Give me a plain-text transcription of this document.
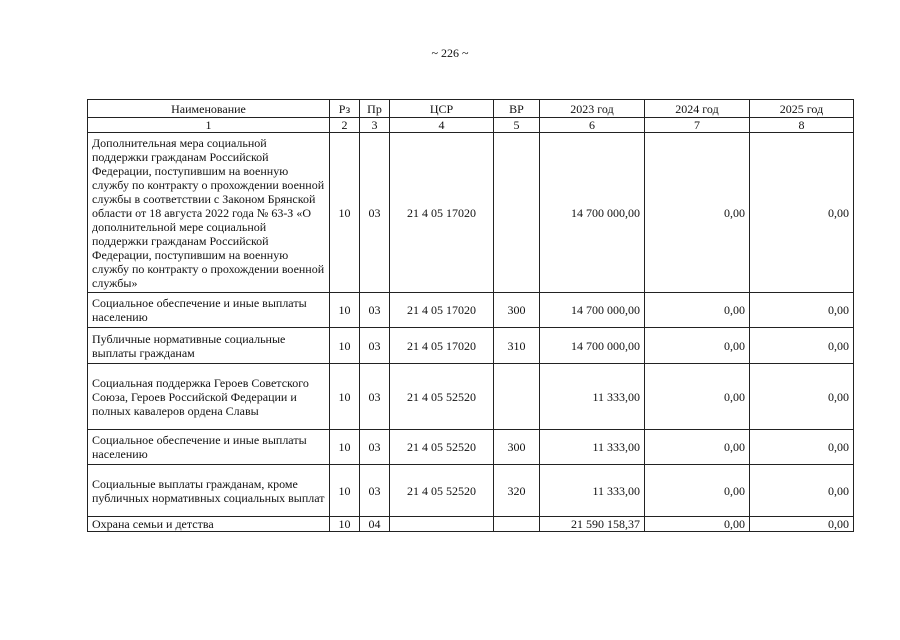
~ 226 ~
Наименование	Рз	Пр	ЦСР	ВР	2023 год	2024 год	2025 год
1	2	3	4	5	6	7	8
Дополнительная мера социальной поддержки гражданам Российской Федерации, поступившим на военную службу по контракту о прохождении военной службы в соответствии с Законом Брянской области от 18 августа 2022 года № 63-З «О дополнительной мере социальной поддержки гражданам Российской Федерации, поступившим на военную службу по контракту о прохождении военной службы»	10	03	21 4 05 17020		14 700 000,00	0,00	0,00
Социальное обеспечение и иные выплаты населению	10	03	21 4 05 17020	300	14 700 000,00	0,00	0,00
Публичные нормативные социальные выплаты гражданам	10	03	21 4 05 17020	310	14 700 000,00	0,00	0,00
Социальная поддержка Героев Советского Союза, Героев Российской Федерации и полных кавалеров ордена Славы	10	03	21 4 05 52520		11 333,00	0,00	0,00
Социальное обеспечение и иные выплаты населению	10	03	21 4 05 52520	300	11 333,00	0,00	0,00
Социальные выплаты гражданам, кроме публичных нормативных социальных выплат	10	03	21 4 05 52520	320	11 333,00	0,00	0,00
Охрана семьи и детства	10	04			21 590 158,37	0,00	0,00
